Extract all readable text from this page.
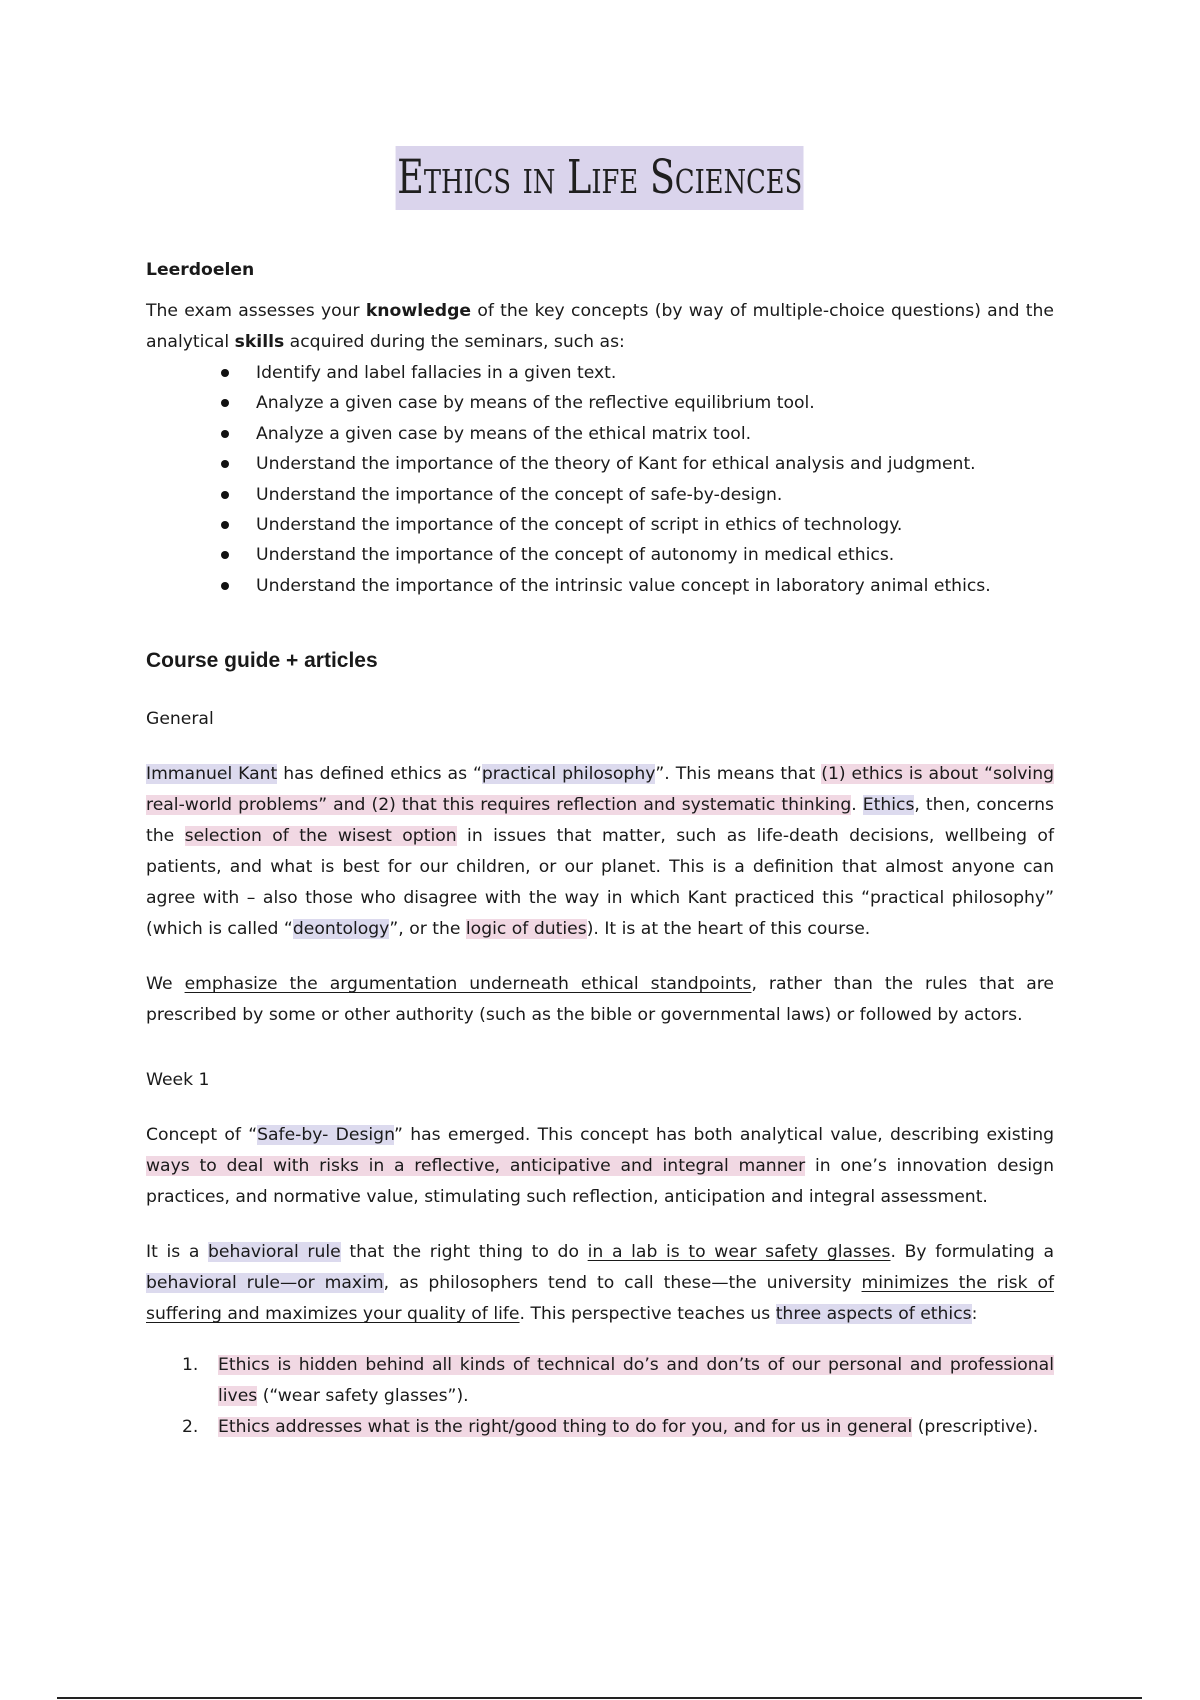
Ethics in Life Sciences

Leerdoelen

The exam assesses your knowledge of the key concepts (by way of multiple-choice questions) and the analytical skills acquired during the seminars, such as:

Identify and label fallacies in a given text.
Analyze a given case by means of the reflective equilibrium tool.
Analyze a given case by means of the ethical matrix tool.
Understand the importance of the theory of Kant for ethical analysis and judgment.
Understand the importance of the concept of safe-by-design.
Understand the importance of the concept of script in ethics of technology.
Understand the importance of the concept of autonomy in medical ethics.
Understand the importance of the intrinsic value concept in laboratory animal ethics.

Course guide + articles

General

Immanuel Kant has defined ethics as “practical philosophy”. This means that (1) ethics is about “solving real-world problems” and (2) that this requires reflection and systematic thinking. Ethics, then, concerns the selection of the wisest option in issues that matter, such as life-death decisions, wellbeing of patients, and what is best for our children, or our planet. This is a definition that almost anyone can agree with – also those who disagree with the way in which Kant practiced this “practical philosophy” (which is called “deontology”, or the logic of duties). It is at the heart of this course.

We emphasize the argumentation underneath ethical standpoints, rather than the rules that are prescribed by some or other authority (such as the bible or governmental laws) or followed by actors.

Week 1

Concept of “Safe-by- Design” has emerged. This concept has both analytical value, describing existing ways to deal with risks in a reflective, anticipative and integral manner in one’s innovation design practices, and normative value, stimulating such reflection, anticipation and integral assessment.

It is a behavioral rule that the right thing to do in a lab is to wear safety glasses. By formulating a behavioral rule—or maxim, as philosophers tend to call these—the university minimizes the risk of suffering and maximizes your quality of life. This perspective teaches us three aspects of ethics:

1. Ethics is hidden behind all kinds of technical do’s and don’ts of our personal and professional lives (“wear safety glasses”).
2. Ethics addresses what is the right/good thing to do for you, and for us in general (prescriptive).
